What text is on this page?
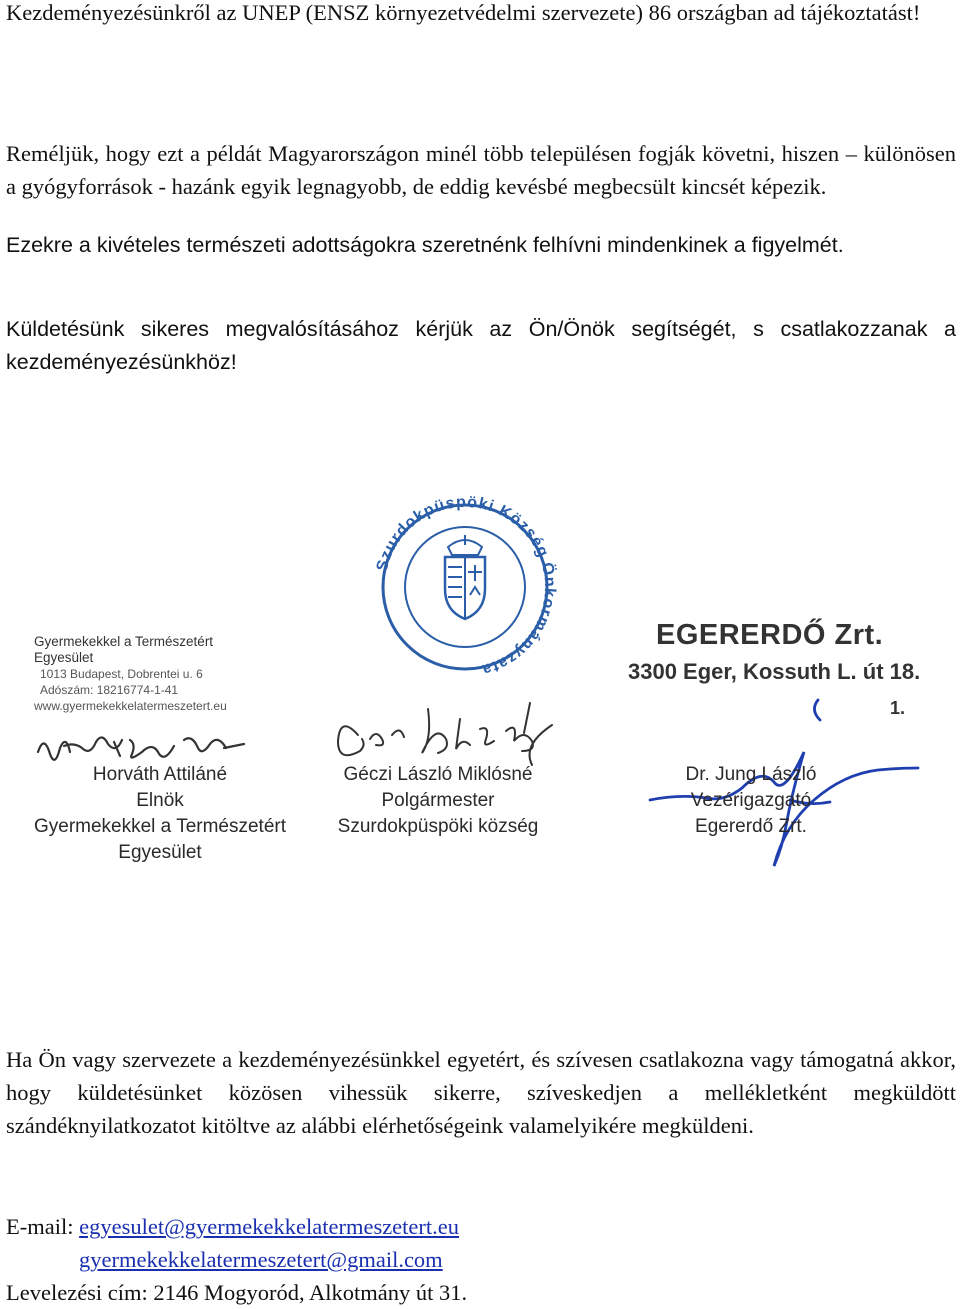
Kezdeményezésünkről az UNEP (ENSZ környezetvédelmi szervezete) 86 országban ad tájékoztatást!

Reméljük, hogy ezt a példát Magyarországon minél több településen fogják követni, hiszen – különösen a gyógyforrások - hazánk egyik legnagyobb, de eddig kevésbé megbecsült kincsét képezik.

Ezekre a kivételes természeti adottságokra szeretnénk felhívni mindenkinek a figyelmét.

Küldetésünk sikeres megvalósításához kérjük az Ön/Önök segítségét, s csatlakozzanak a kezdeményezésünkhöz!

Gyermekekkel a Természetért Egyesület
1013 Budapest, Dobrentei u. 6
Adószám: 18216774-1-41
www.gyermekekkelatermeszetert.eu
Horváth Attiláné
Elnök
Gyermekekkel a Természetért
Egyesület
Szurdokpüspöki Község Önkormányzata
Géczi László Miklósné
Polgármester
Szurdokpüspöki község
EGERERDŐ Zrt.
3300 Eger, Kossuth L. út 18.
1.
Dr. Jung László
Vezérigazgató
Egererdő Zrt.

Ha Ön vagy szervezete a kezdeményezésünkkel egyetért, és szívesen csatlakozna vagy támogatná akkor, hogy küldetésünket közösen vihessük sikerre, szíveskedjen a mellékletként megküldött szándéknyilatkozatot kitöltve az alábbi elérhetőségeink valamelyikére megküldeni.

E-mail: egyesulet@gyermekekkelatermeszetert.eu
gyermekekkelatermeszetert@gmail.com
Levelezési cím: 2146 Mogyoród, Alkotmány út 31.
